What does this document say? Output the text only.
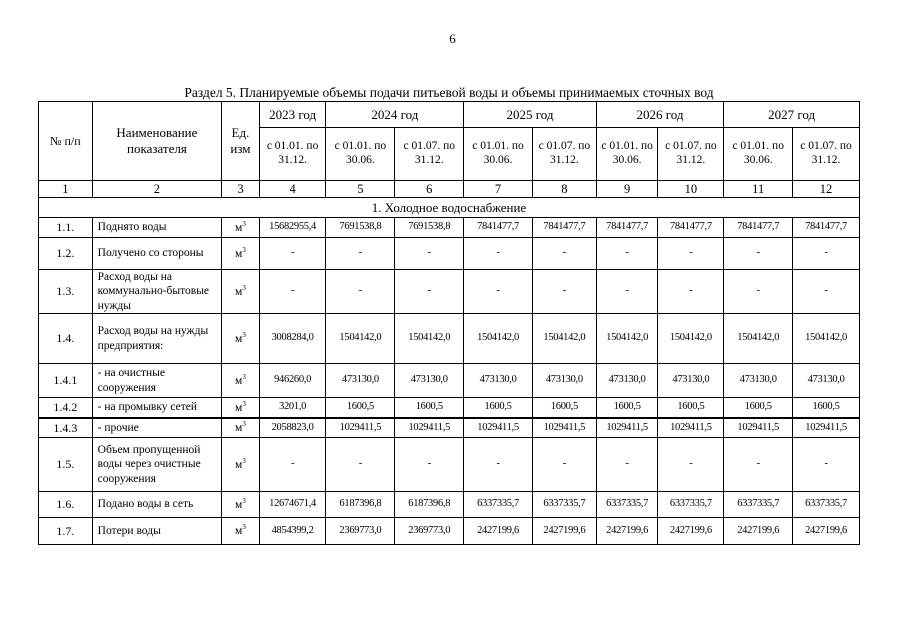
6
Раздел 5. Планируемые объемы подачи питьевой воды и объемы принимаемых сточных вод
№ п/п	Наименование показателя	Ед. изм	2023 год	2024 год		2025 год		2026 год		2027 год	
			с 01.01. по 31.12.	с 01.01. по 30.06.	с 01.07. по 31.12.	с 01.01. по 30.06.	с 01.07. по 31.12.	с 01.01. по 30.06.	с 01.07. по 31.12.	с 01.01. по 30.06.	с 01.07. по 31.12.
1	2	3	4	5	6	7	8	9	10	11	12
1. Холодное водоснабжение											
1.1.	Поднято воды	$м^3$	15682955,4	7691538,8	7691538,8	7841477,7	7841477,7	7841477,7	7841477,7	7841477,7	7841477,7
1.2.	Получено со стороны	$м^3$	-	-	-	-	-	-	-	-	-
1.3.	Расход воды на коммунально-бытовые нужды	$м^3$	-	-	-	-	-	-	-	-	-
1.4.	Расход воды на нужды предприятия:	$м^3$	3008284,0	1504142,0	1504142,0	1504142,0	1504142,0	1504142,0	1504142,0	1504142,0	1504142,0
1.4.1	- на очистные сооружения	$м^3$	946260,0	473130,0	473130,0	473130,0	473130,0	473130,0	473130,0	473130,0	473130,0
1.4.2	- на промывку сетей	$м^3$	3201,0	1600,5	1600,5	1600,5	1600,5	1600,5	1600,5	1600,5	1600,5
1.4.3	- прочие	$м^3$	2058823,0	1029411,5	1029411,5	1029411,5	1029411,5	1029411,5	1029411,5	1029411,5	1029411,5
1.5.	Объем пропущенной воды через очистные сооружения	$м^3$	-	-	-	-	-	-	-	-	-
1.6.	Подано воды в сеть	$м^3$	12674671,4	6187396,8	6187396,8	6337335,7	6337335,7	6337335,7	6337335,7	6337335,7	6337335,7
1.7.	Потери воды	$м^3$	4854399,2	2369773,0	2369773,0	2427199,6	2427199,6	2427199,6	2427199,6	2427199,6	2427199,6
